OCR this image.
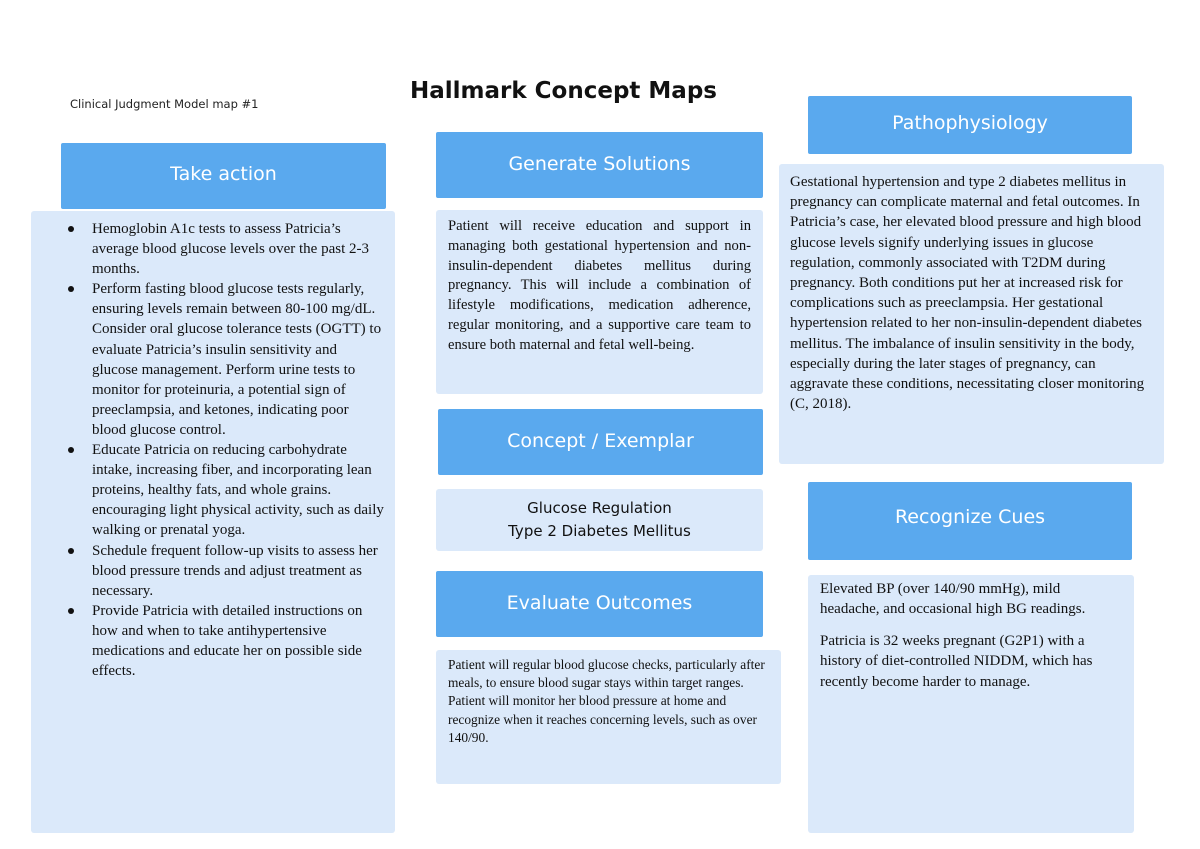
Clinical Judgment Model map #1	Hallmark Concept Maps
Take action
Hemoglobin A1c tests to assess Patricia’s average blood glucose levels over the past 2-3 months.
Perform fasting blood glucose tests regularly, ensuring levels remain between 80-100 mg/dL. Consider oral glucose tolerance tests (OGTT) to evaluate Patricia’s insulin sensitivity and glucose management. Perform urine tests to monitor for proteinuria, a potential sign of preeclampsia, and ketones, indicating poor blood glucose control.
Educate Patricia on reducing carbohydrate intake, increasing fiber, and incorporating lean proteins, healthy fats, and whole grains. encouraging light physical activity, such as daily walking or prenatal yoga.
Schedule frequent follow-up visits to assess her blood pressure trends and adjust treatment as necessary.
Provide Patricia with detailed instructions on how and when to take antihypertensive medications and educate her on possible side effects.
Generate Solutions

Patient will receive education and support in managing both gestational hypertension and non-insulin-dependent diabetes mellitus during pregnancy. This will include a combination of lifestyle modifications, medication adherence, regular monitoring, and a supportive care team to ensure both maternal and fetal well-being.

Concept / Exemplar
Glucose Regulation
Type 2 Diabetes Mellitus
Evaluate Outcomes

Patient will regular blood glucose checks, particularly after meals, to ensure blood sugar stays within target ranges.

Patient will monitor her blood pressure at home and recognize when it reaches concerning levels, such as over 140/90.

Pathophysiology

Gestational hypertension and type 2 diabetes mellitus in pregnancy can complicate maternal and fetal outcomes. In Patricia’s case, her elevated blood pressure and high blood glucose levels signify underlying issues in glucose regulation, commonly associated with T2DM during pregnancy. Both conditions put her at increased risk for complications such as preeclampsia. Her gestational hypertension related to her non-insulin-dependent diabetes mellitus. The imbalance of insulin sensitivity in the body, especially during the later stages of pregnancy, can aggravate these conditions, necessitating closer monitoring (C, 2018).

Recognize Cues

Elevated BP (over 140/90 mmHg), mild headache, and occasional high BG readings.

Patricia is 32 weeks pregnant (G2P1) with a history of diet-controlled NIDDM, which has recently become harder to manage.
